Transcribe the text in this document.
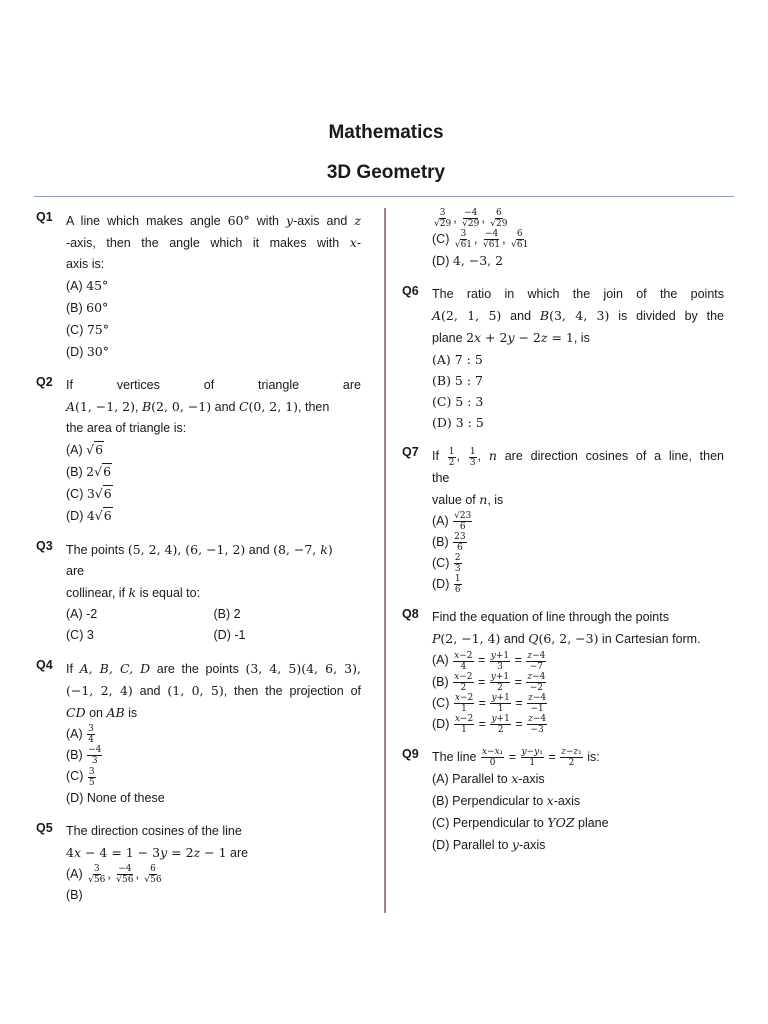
Mathematics
3D Geometry
Q1 A line which makes angle 60° with y-axis and z
-axis, then the angle which it makes with x-
axis is:
(A) 45°
(B) 60°
(C) 75°
(D) 30°
Q2 If vertices of triangle are
A(1, −1, 2), B(2, 0, −1) and C(0, 2, 1), then
the area of triangle is:
(A) √6
(B) 2√6
(C) 3√6
(D) 4√6
Q3 The points (5, 2, 4), (6, −1, 2) and (8, −7, k)
are
collinear, if k is equal to:
(A) -2	(B) 2
(C) 3	(D) -1
Q4 If A, B, C, D are the points (3, 4, 5)(4, 6, 3),
(−1, 2, 4) and (1, 0, 5), then the projection of
CD on AB is
$(A) \frac{3}{4}$
$(B) \frac{-4}{3}$
$(C) \frac{3}{5}$
(D) None of these
Q5 The direction cosines of the line
4x − 4 = 1 − 3y = 2z − 1 are
$(A) \frac{3}{√56}$ , $\frac{-4}{√56}$ , $\frac{6}{√56}$
(B)
$\frac{3}{√29}$ , $\frac{-4}{√29}$ , $\frac{6}{√29}$
$(C) \frac{3}{√61}$ , $\frac{-4}{√61}$ , $\frac{6}{√61}$
(D) 4, −3, 2
Q6 The ratio in which the join of the points
A(2, 1, 5) and B(3, 4, 3) is divided by the
plane 2x + 2y − 2z = 1, is
(A) 7 : 5
(B) 5 : 7
(C) 5 : 3
(D) 3 : 5
Q7 If $\frac{1}{2}$ , $\frac{1}{3}$ , n are direction cosines of a line, then
the
value of n, is
$(A) \frac{√23}{6}$
$(B) \frac{23}{6}$
$(C) \frac{2}{3}$
$(D) \frac{1}{6}$
Q8 Find the equation of line through the points
P(2, −1, 4) and Q(6, 2, −3) in Cartesian form.
$(A) \frac{x-2}{4} = \frac{y+1}{3} = \frac{z-4}{-7}$
$(B) \frac{x-2}{2} = \frac{y+1}{2} = \frac{z-4}{-2}$
$(C) \frac{x-2}{1} = \frac{y+1}{1} = \frac{z-4}{-1}$
$(D) \frac{x-2}{1} = \frac{y+1}{2} = \frac{z-4}{-3}$
Q9 The line $\frac{\text{x−x₁}}{0} = \frac{\text{y−y₁}}{1} = \frac{\text{z−z₁}}{2}$ is:
(A) Parallel to x-axis
(B) Perpendicular to x-axis
(C) Perpendicular to YOZ plane
(D) Parallel to y-axis
